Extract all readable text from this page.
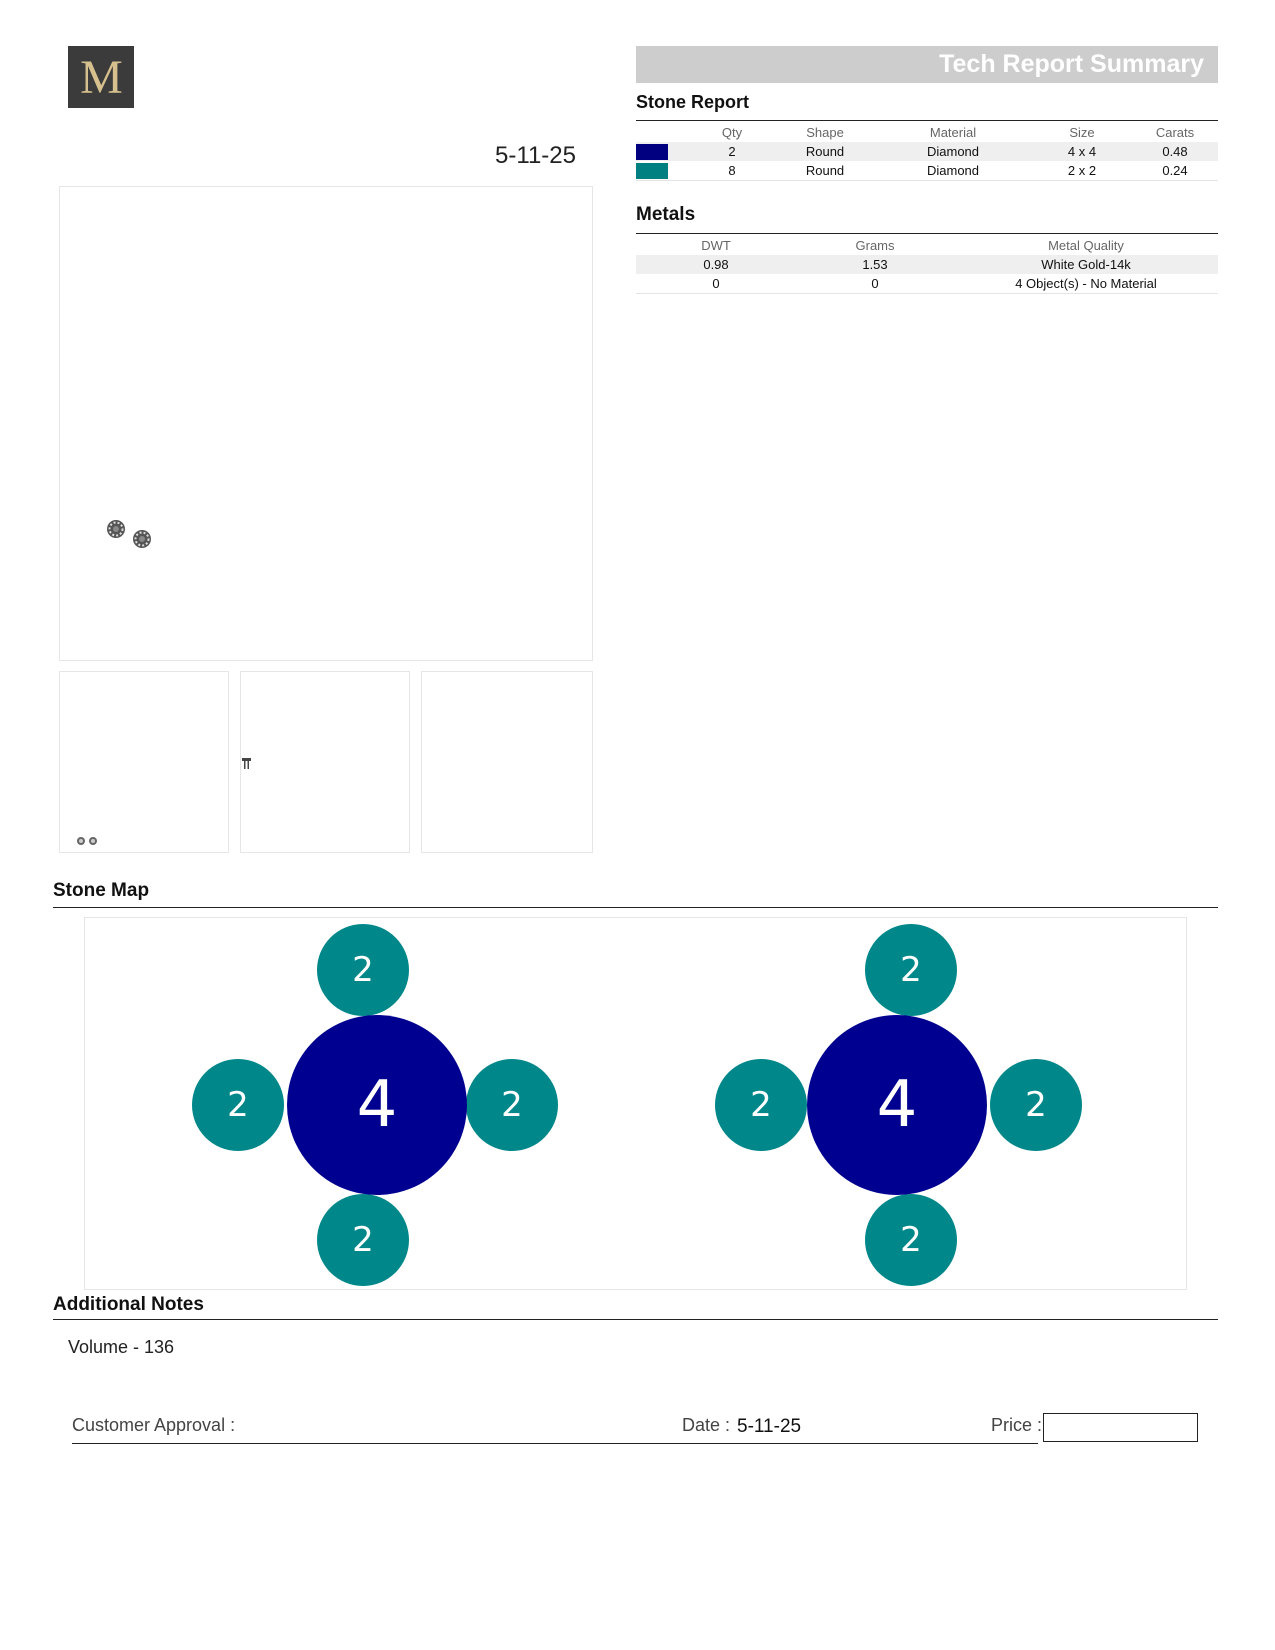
M
5-11-25
Tech Report Summary
Stone Report
	Qty	Shape	Material	Size	Carats

	2	Round	Diamond	4 x 4	0.48

	8	Round	Diamond	2 x 2	0.24
Metals
DWT	Grams	Metal Quality
0.98	1.53	White Gold-14k
0	0	4 Object(s) - No Material
Stone Map
2
2	2
2
4
2
2	2
2
4
Additional Notes
Volume - 136
Customer Approval :	Date : 5-11-25	Price :
